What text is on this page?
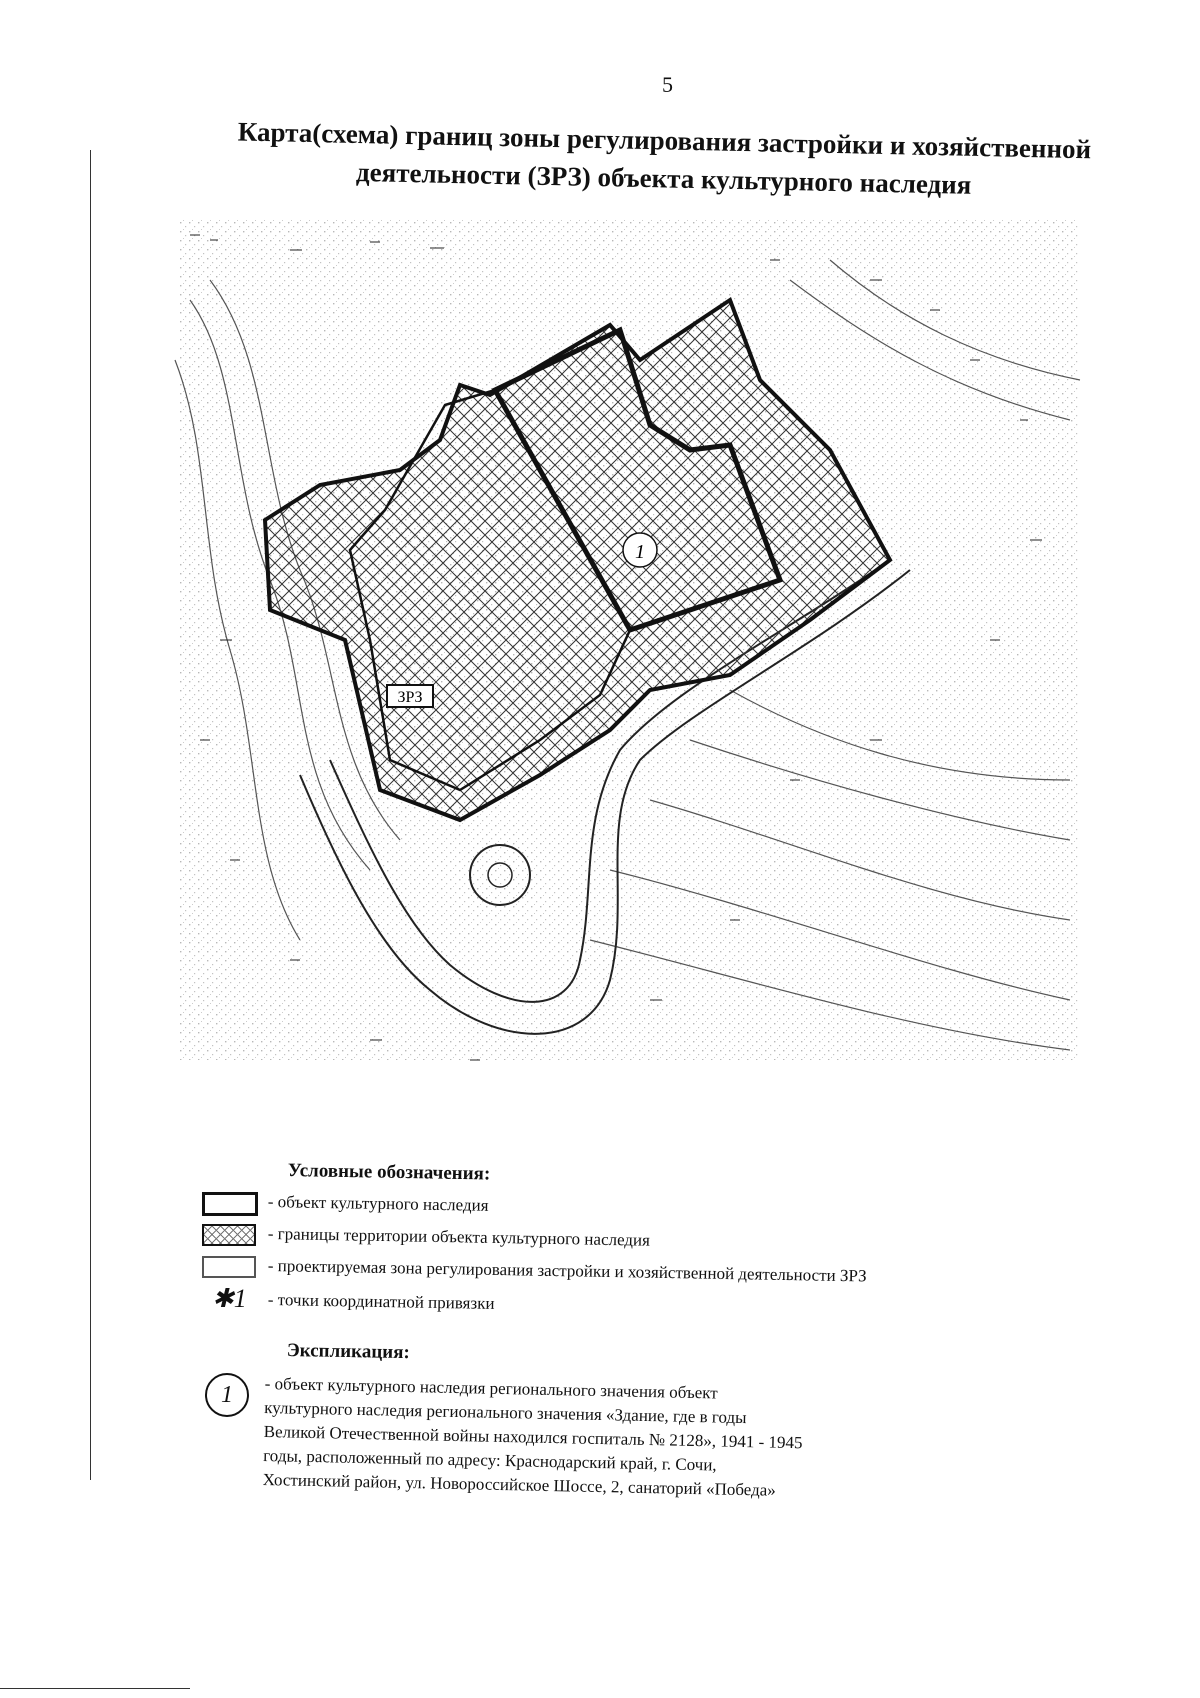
5
Карта(схема) границ зоны регулирования застройки и хозяйственной
деятельности (ЗРЗ) объекта культурного наследия
1
ЗРЗ
Условные обозначения:
- объект культурного наследия
- границы территории объекта культурного наследия
- проектируемая зона регулирования застройки и хозяйственной деятельности ЗРЗ
✱1 - точки координатной привязки
Экспликация:
1	- объект культурного наследия регионального значения объект
культурного наследия регионального значения «Здание, где в годы
Великой Отечественной войны находился госпиталь № 2128», 1941 - 1945
годы, расположенный по адресу: Краснодарский край, г. Сочи,
Хостинский район, ул. Новороссийское Шоссе, 2, санаторий «Победа»
